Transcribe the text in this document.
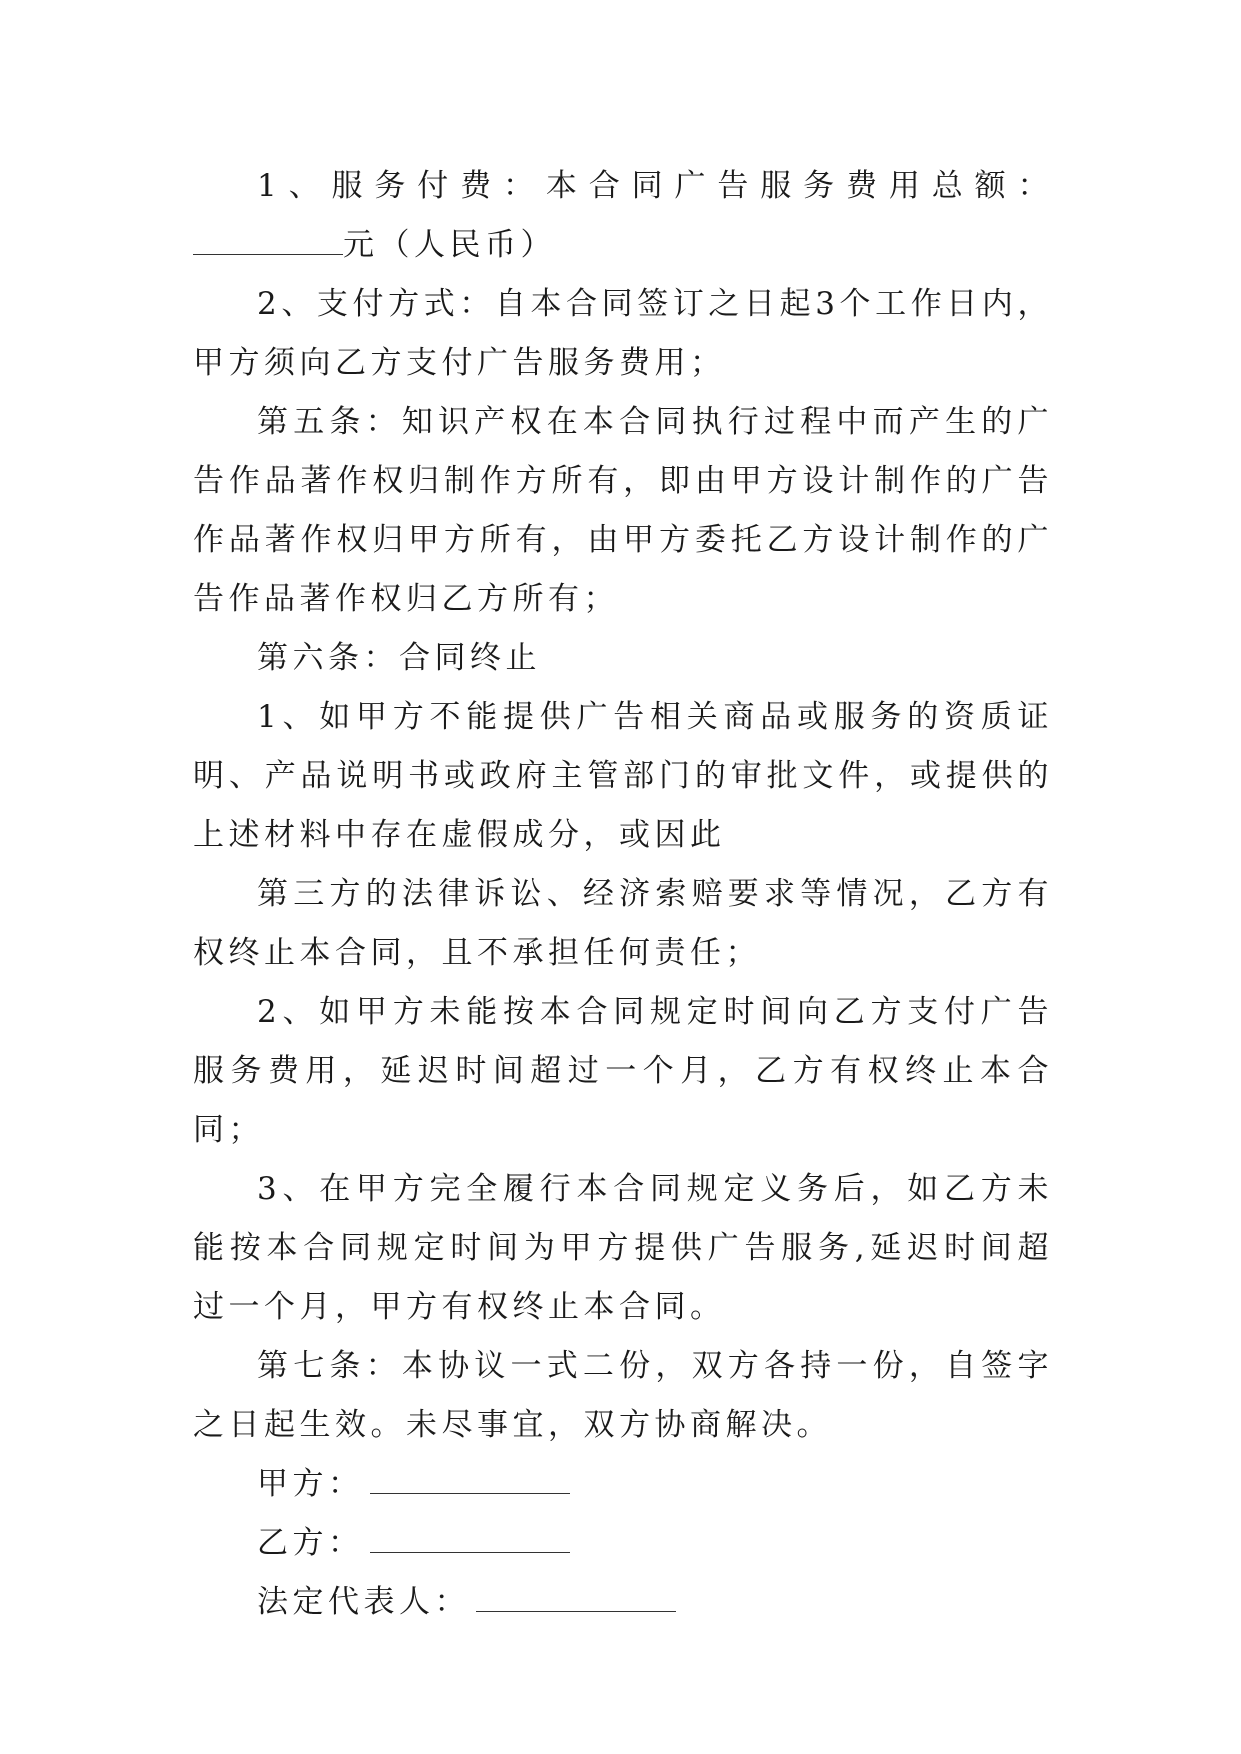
1、服务付费：本合同广告服务费用总额：元（人民币）

2、支付方式：自本合同签订之日起3个工作日内，甲方须向乙方支付广告服务费用；

第五条：知识产权在本合同执行过程中而产生的广告作品著作权归制作方所有，即由甲方设计制作的广告作品著作权归甲方所有，由甲方委托乙方设计制作的广告作品著作权归乙方所有；

第六条：合同终止

1、如甲方不能提供广告相关商品或服务的资质证明、产品说明书或政府主管部门的审批文件，或提供的上述材料中存在虚假成分，或因此

第三方的法律诉讼、经济索赔要求等情况，乙方有权终止本合同，且不承担任何责任；

2、如甲方未能按本合同规定时间向乙方支付广告服务费用，延迟时间超过一个月，乙方有权终止本合同；

3、在甲方完全履行本合同规定义务后，如乙方未能按本合同规定时间为甲方提供广告服务,延迟时间超过一个月，甲方有权终止本合同。

第七条：本协议一式二份，双方各持一份，自签字之日起生效。未尽事宜，双方协商解决。

甲方：

乙方：

法定代表人：
